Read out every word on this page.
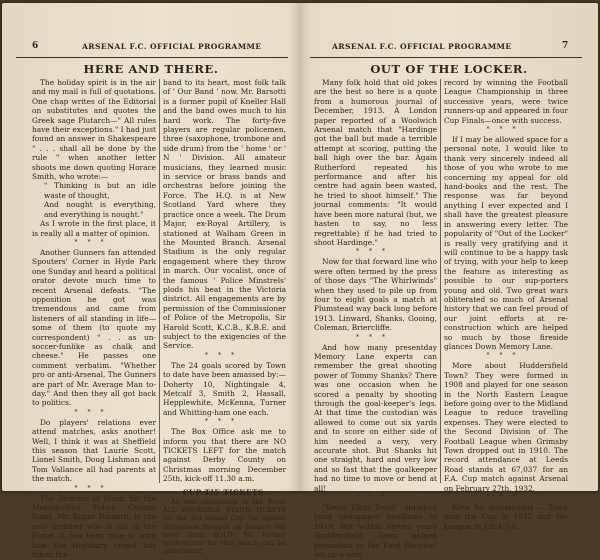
6	ARSENAL F.C. OFFICIAL PROGRAMME
HERE AND THERE.

The holiday spirit is in the air and my mail is full of quotations. One chap writes of the Editorial on substitutes and quotes the Greek sage Plutarch—" All rules have their exceptions." I had just found an answer in Shakespeare " . . . shall all be done by the rule " when another letter shoots me down quoting Horace Smith, who wrote:—

" Thinking is but an idle waste of thought,

And nought is everything, and everything is nought."

As I wrote in the first place, it is really all a matter of opinion.

***

Another Gunners fan attended Spouters' Corner in Hyde Park one Sunday and heard a political orator devote much time to recent Arsenal defeats. "The opposition he got was tremendous and came from listeners of all standing in life—some of them (to quote my correspondent) " . . as un-soccer-funlike as chalk and cheese." He passes one comment verbatim. "Whether pro or anti-Arsenal, The Gunners are part of Mr. Average Man to-day." And then they all got back to politics.

***

Do players' relations ever attend matches, asks another! Well, I think it was at Sheffield this season that Laurie Scott, Lionel Smith, Doug Lishman and Tom Vallance all had parents at the match.

***

The Director of Music for the Metropolitan Police Central Band, Mr. Roger Barsotti, is the only member who is not in the Force. It has been nice to note how the Highbury crowd has taken the

band to its heart, most folk talk of ' Our Band ' now. Mr. Barsotti is a former pupil of Kneller Hall and the band owes much to his hard work. The forty-five players are regular policemen, three (saxophone, trombone and side drum) from the ' home ' or ' N ' Division. All amateur musicians, they learned music in service or brass bands and orchestras before joining the Force. The H.Q. is at New Scotland Yard where they practice once a week. The Drum Major, ex-Royal Artillery, is stationed at Walham Green in the Mounted Branch. Arsenal Stadium is the only regular engagement where they throw in march. Our vocalist, once of the famous ' Police Minstrels' plods his beat in the Victoria district. All engagements are by permission of the Commissioner of Police of the Metropolis, Sir Harold Scott, K.C.B., K.B.E. and subject to the exigencies of the Service.

***

The 24 goals scored by Town to date have been amassed by:—Doherty 10, Nightingale 4, Metcalf 3, Smith 2, Hassall, Hepplewhite, McKenna, Turner and Whitting-ham one each.

***

The Box Office ask me to inform you that there are NO TICKETS LEFT for the match against Derby County on Christmas morning December 25th, kick-off 11.30 a.m.

CUP TIE TICKETS.

As was announced in the Press ALL BOOKABLE STAND TICKETS for the 3rd Round Cup Tie against Tottenham Hotspur on January 8th have been SOLD. No further applications for this match can be entertained

ARSENAL F.C. OFFICIAL PROGRAMME	7
OUT OF THE LOCKER.

Many folk hold that old jokes are the best so here is a quote from a humorous journal of December, 1913. A London paper reported of a Woolwich Arsenal match that "Hardinge got the ball but made a terrible attempt at scoring, putting the ball high over the bar. Again Rutherford repeated his performance and after his centre had again been wasted, he tried to shoot himself." The journal comments: "It would have been more natural (but, we hasten to say, no less regrettable) if he had tried to shoot Hardinge."

***

Now for that forward line who were often termed by the press of those days "The Whirlwinds" when they used to pile up from four to eight goals a match at Plumstead way back long before 1913. Linward, Shanks, Gooing, Coleman, Briercliffe.

***

And how many presentday Memory Lane experts can remember the great shooting power of Tommy Shanks? There was one occasion when he scored a penalty by shooting through the goal-keeper's legs. At that time the custodian was allowed to come out six yards and to score on either side of him needed a very, very accurate shot. But Shanks hit one straight, hard and very low and so fast that the goalkeeper had no time to move or bend at all!

***

"Town Club Dead" shrieked local newspaper headlines in 1919. But within eleven years Huddersfield Town gained promotion to the First Division, set up a new

record by winning the Football League Championship in three successive years, were twice runners-up and appeared in four Cup Finals—once with success.

***

If I may be allowed space for a personal note, I would like to thank very sincerely indeed all those of you who wrote to me concerning my appeal for old hand-books and the rest. The response was far beyond anything I ever expected and I shall have the greatest pleasure in answering every letter. The popularity of "Out of the Locker" is really very gratifying and it will continue to be a happy task of trying, with your help to keep the feature as interesting as possible to our sup-porters young and old. Two great wars obliterated so much of Arsenal history that we can feel proud of our joint efforts at re-construction which are helped so much by those fireside glances Down Memory Lane.

***

More about Huddersfield Town? They were formed in 1908 and played for one season in the North Eastern League before going over to the Midland League to reduce travelling expenses. They were elected to the Second Division of The Football League when Grimsby Town dropped out in 1910. The record attendance at Leeds Road stands at 67,037 for an F.A. Cup match against Arsenal on February 27th, 1932.

***

Note for statisticians — Town won the Cup in 1922 and the League in 1924-5-6.
